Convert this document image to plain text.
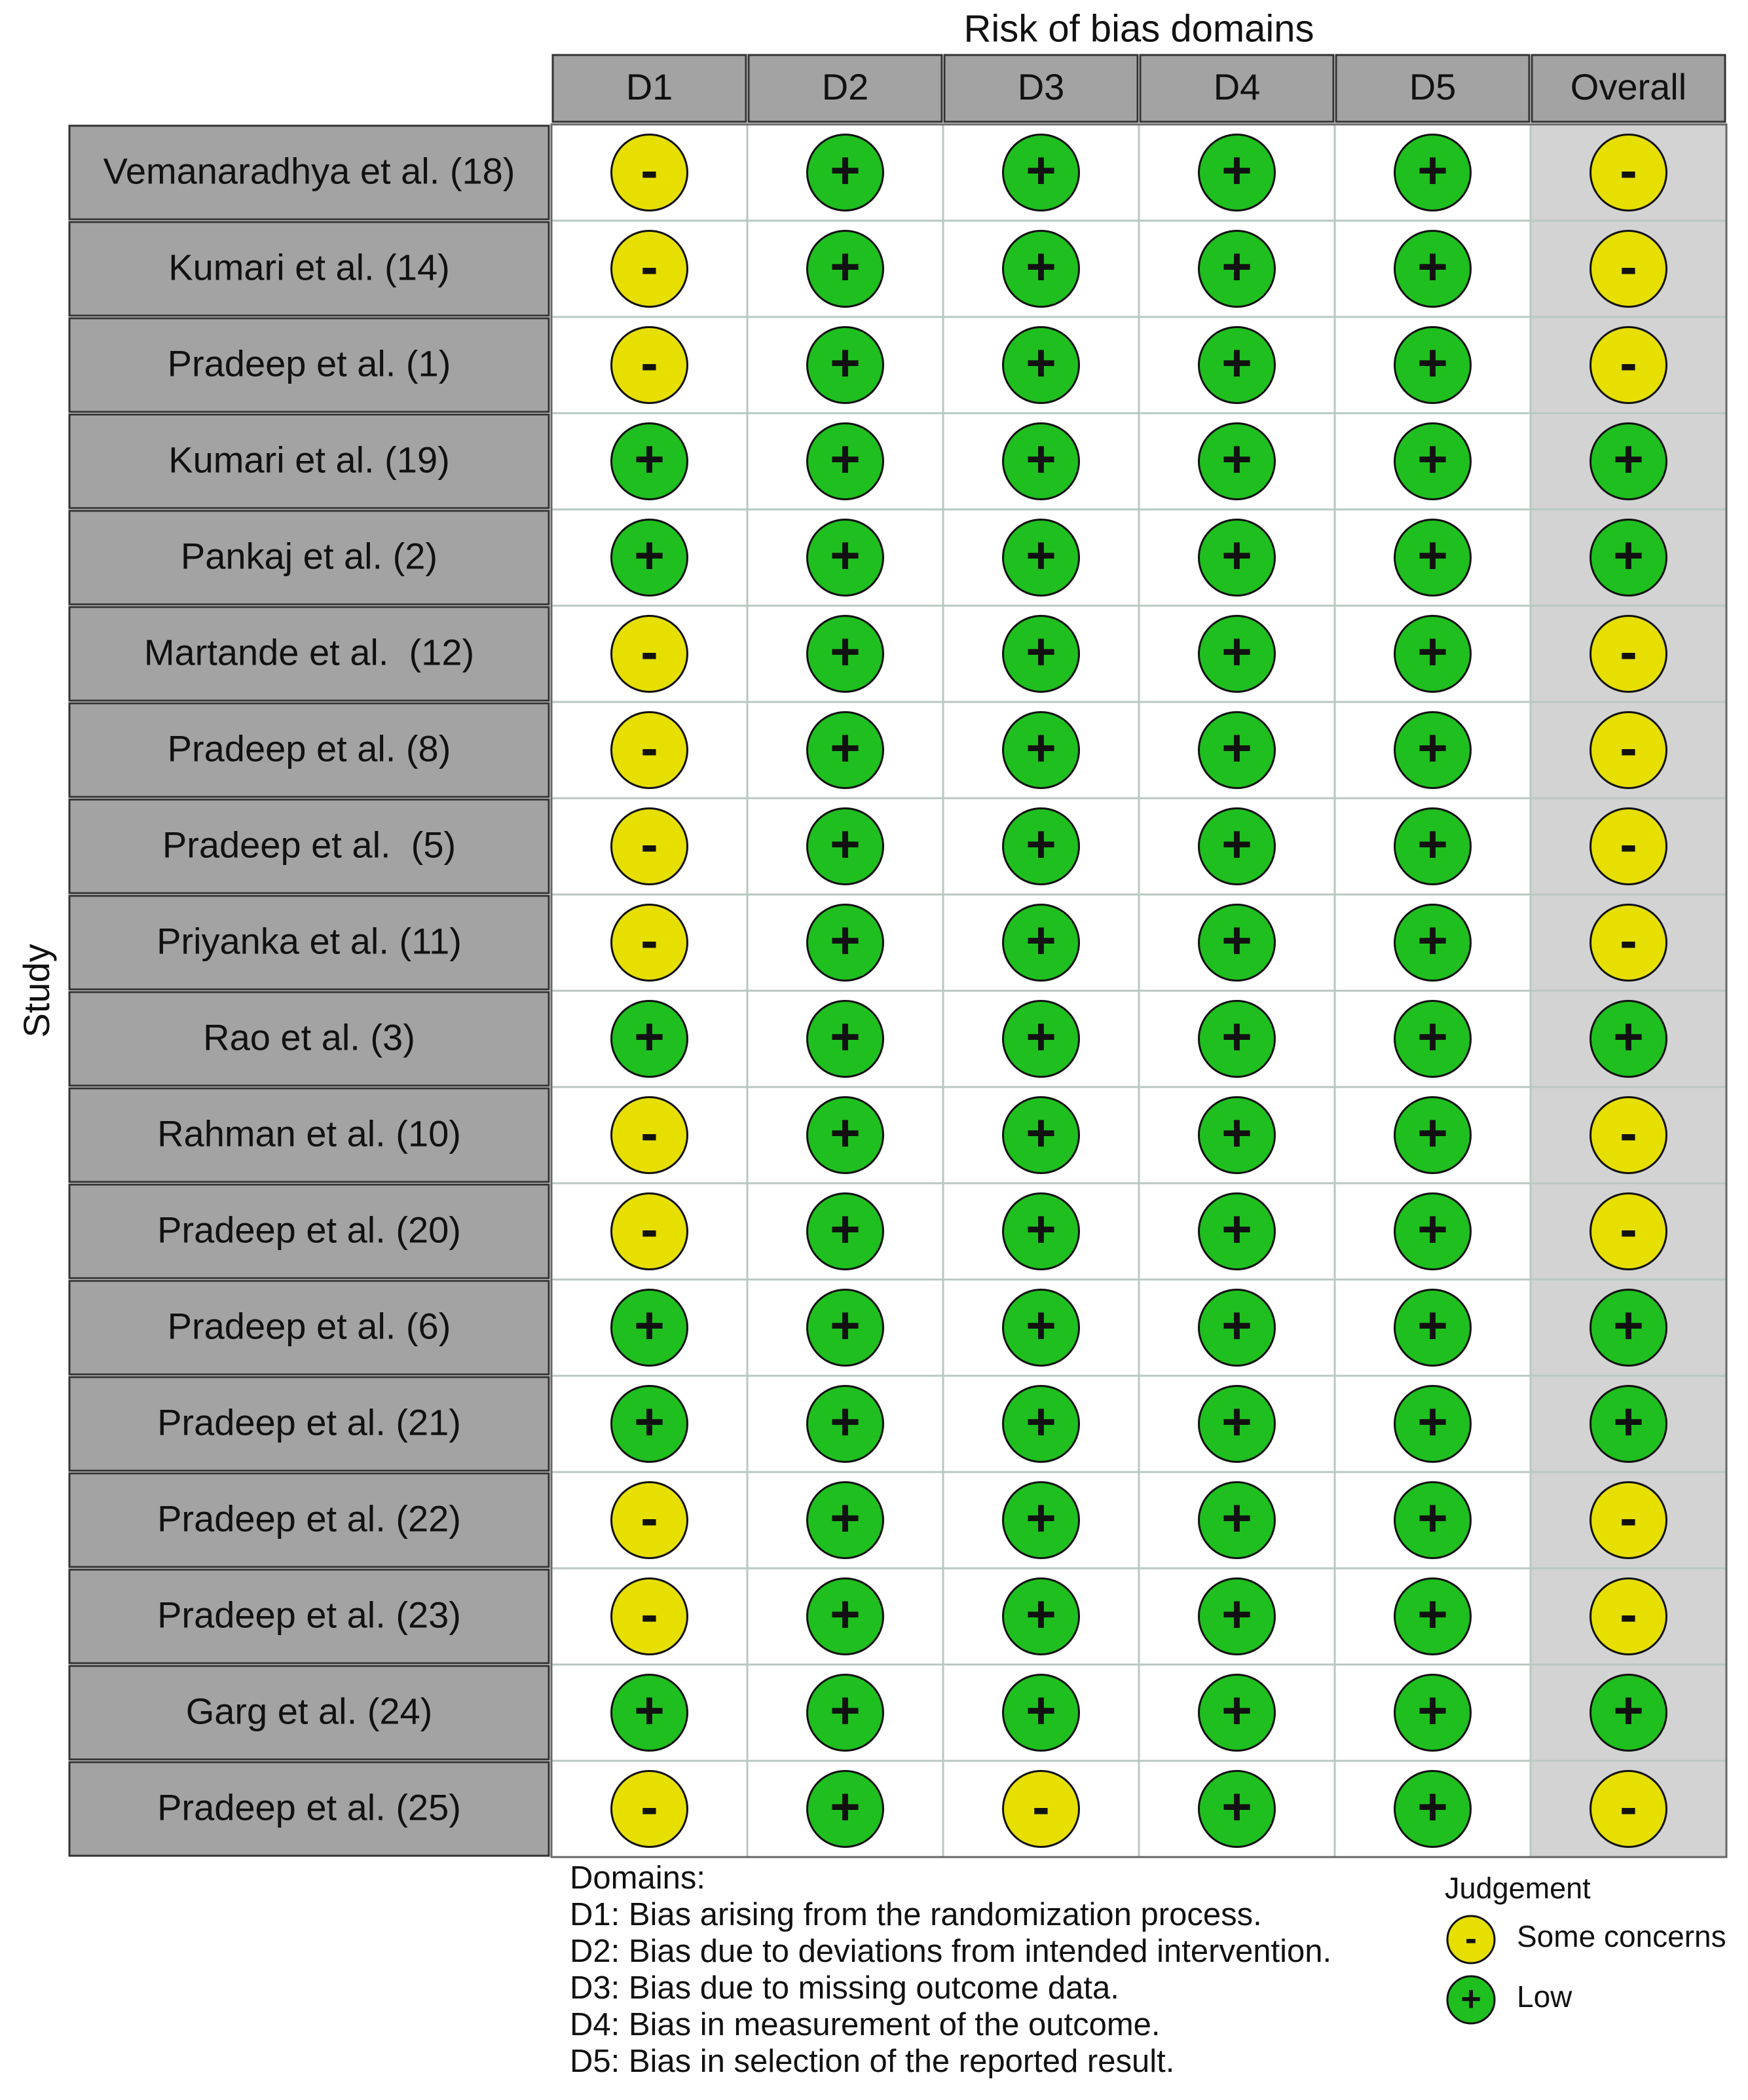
Risk of bias domains
Study
D1	D2	D3	D4	D5	Overall
Vemanaradhya et al. (18) -	+	+	+	+	-
Kumari et al. (14)	-	+	+	+	+	-
Pradeep et al. (1)	-	+	+	+	+	-
Kumari et al. (19)	+	+	+	+	+	+
Pankaj et al. (2)	+	+	+	+	+	+
Martande et al.  (12)	-	+	+	+	+	-
Pradeep et al. (8)	-	+	+	+	+	-
Pradeep et al.  (5)	-	+	+	+	+	-
Priyanka et al. (11)	-	+	+	+	+	-
Rao et al. (3)	+	+	+	+	+	+
Rahman et al. (10)	-	+	+	+	+	-
Pradeep et al. (20)	-	+	+	+	+	-
Pradeep et al. (6)	+	+	+	+	+	+
Pradeep et al. (21)	+	+	+	+	+	+
Pradeep et al. (22)	-	+	+	+	+	-
Pradeep et al. (23)	-	+	+	+	+	-
Garg et al. (24)	+	+	+	+	+	+
Pradeep et al. (25)	-	+	-	+	+	-
Domains:
D1: Bias arising from the randomization process.
D2: Bias due to deviations from intended intervention.
D3: Bias due to missing outcome data.
D4: Bias in measurement of the outcome.
D5: Bias in selection of the reported result.
Judgement
- Some concerns
+ Low
